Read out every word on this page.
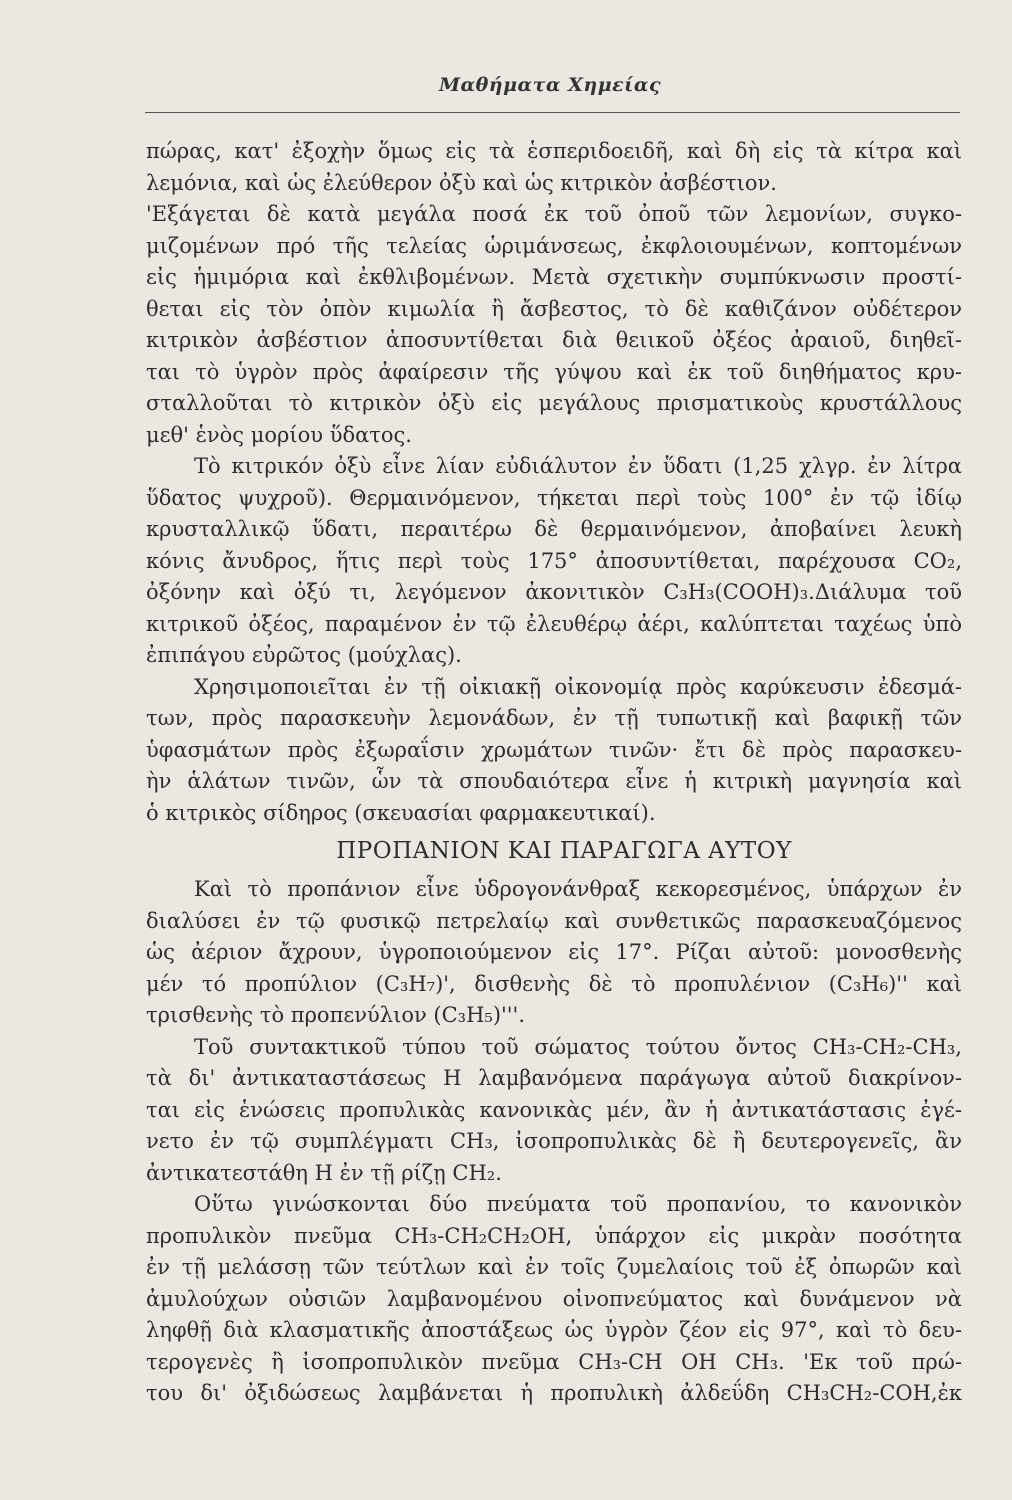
Μαθήματα Χημείας
πώρας, κατ' ἐξοχὴν ὅμως εἰς τὰ ἑσπεριδοειδῆ, καὶ δὴ εἰς τὰ κίτρα καὶ
λεμόνια, καὶ ὡς ἐλεύθερον ὀξὺ καὶ ὡς κιτρικὸν ἀσβέστιον.
'Εξάγεται δὲ κατὰ μεγάλα ποσά ἐκ τοῦ ὀποῦ τῶν λεμονίων, συγκο-
μιζομένων πρό τῆς τελείας ὡριμάνσεως, ἐκφλοιουμένων, κοπτομένων
εἰς ἡμιμόρια καὶ ἐκθλιβομένων. Μετὰ σχετικὴν συμπύκνωσιν προστί-
θεται εἰς τὸν ὀπὸν κιμωλία ἢ ἄσβεστος, τὸ δὲ καθιζάνον οὐδέτερον
κιτρικὸν ἀσβέστιον ἀποσυντίθεται διὰ θειικοῦ ὀξέος ἀραιοῦ, διηθεῖ-
ται τὸ ὑγρὸν πρὸς ἀφαίρεσιν τῆς γύψου καὶ ἐκ τοῦ διηθήματος κρυ-
σταλλοῦται τὸ κιτρικὸν ὀξὺ εἰς μεγάλους πρισματικοὺς κρυστάλλους
μεθ' ἑνὸς μορίου ὕδατος.
Τὸ κιτρικόν ὀξὺ εἶνε λίαν εὐδιάλυτον ἐν ὕδατι (1,25 χλγρ. ἐν λίτρα
ὕδατος ψυχροῦ). Θερμαινόμενον, τήκεται περὶ τοὺς 100° ἐν τῷ ἰδίῳ
κρυσταλλικῷ ὕδατι, περαιτέρω δὲ θερμαινόμενον, ἀποβαίνει λευκὴ
κόνις ἄνυδρος, ἥτις περὶ τοὺς 175° ἀποσυντίθεται, παρέχουσα CO₂,
ὀξόνην καὶ ὀξύ τι, λεγόμενον ἀκονιτικὸν C₃H₃(COOH)₃.Διάλυμα τοῦ
κιτρικοῦ ὀξέος, παραμένον ἐν τῷ ἐλευθέρῳ ἀέρι, καλύπτεται ταχέως ὑπὸ
ἐπιπάγου εὐρῶτος (μούχλας).
Χρησιμοποιεῖται ἐν τῇ οἰκιακῇ οἰκονομίᾳ πρὸς καρύκευσιν ἐδεσμά-
των, πρὸς παρασκευὴν λεμονάδων, ἐν τῇ τυπωτικῇ καὶ βαφικῇ τῶν
ὑφασμάτων πρὸς ἐξωραΐσιν χρωμάτων τινῶν· ἔτι δὲ πρὸς παρασκευ-
ὴν ἁλάτων τινῶν, ὧν τὰ σπουδαιότερα εἶνε ἡ κιτρικὴ μαγνησία καὶ
ὁ κιτρικὸς σίδηρος (σκευασίαι φαρμακευτικαί).
ΠΡΟΠΑΝΙΟΝ ΚΑΙ ΠΑΡΑΓΩΓΑ ΑΥΤΟΥ
Καὶ τὸ προπάνιον εἶνε ὑδρογονάνθραξ κεκορεσμένος, ὑπάρχων ἐν
διαλύσει ἐν τῷ φυσικῷ πετρελαίῳ καὶ συνθετικῶς παρασκευαζόμενος
ὡς ἀέριον ἄχρουν, ὑγροποιούμενον εἰς 17°. Ρίζαι αὐτοῦ: μονοσθενὴς
μέν τό προπύλιον (C₃H₇)', δισθενὴς δὲ τὸ προπυλένιον (C₃H₆)'' καὶ
τρισθενὴς τὸ προπενύλιον (C₃H₅)'''.
Τοῦ συντακτικοῦ τύπου τοῦ σώματος τούτου ὄντος CH₃-CH₂-CH₃,
τὰ δι' ἀντικαταστάσεως Η λαμβανόμενα παράγωγα αὐτοῦ διακρίνον-
ται εἰς ἑνώσεις προπυλικὰς κανονικὰς μέν, ἂν ἡ ἀντικατάστασις ἐγέ-
νετο ἐν τῷ συμπλέγματι CH₃, ἰσοπροπυλικὰς δὲ ἢ δευτερογενεῖς, ἂν
ἀντικατεστάθη Η ἐν τῇ ρίζῃ CH₂.
Οὕτω γινώσκονται δύο πνεύματα τοῦ προπανίου, το κανονικὸν
προπυλικὸν πνεῦμα CH₃-CH₂CH₂OH, ὑπάρχον εἰς μικρὰν ποσότητα
ἐν τῇ μελάσσῃ τῶν τεύτλων καὶ ἐν τοῖς ζυμελαίοις τοῦ ἐξ ὀπωρῶν καὶ
ἀμυλούχων οὐσιῶν λαμβανομένου οἰνοπνεύματος καὶ δυνάμενον νὰ
ληφθῇ διὰ κλασματικῆς ἀποστάξεως ὡς ὑγρὸν ζέον εἰς 97°, καὶ τὸ δευ-
τερογενὲς ἢ ἰσοπροπυλικὸν πνεῦμα CH₃-CH OH CH₃. 'Εκ τοῦ πρώ-
του δι' ὀξιδώσεως λαμβάνεται ἡ προπυλικὴ ἀλδεΰδη CH₃CH₂-COH,ἐκ
